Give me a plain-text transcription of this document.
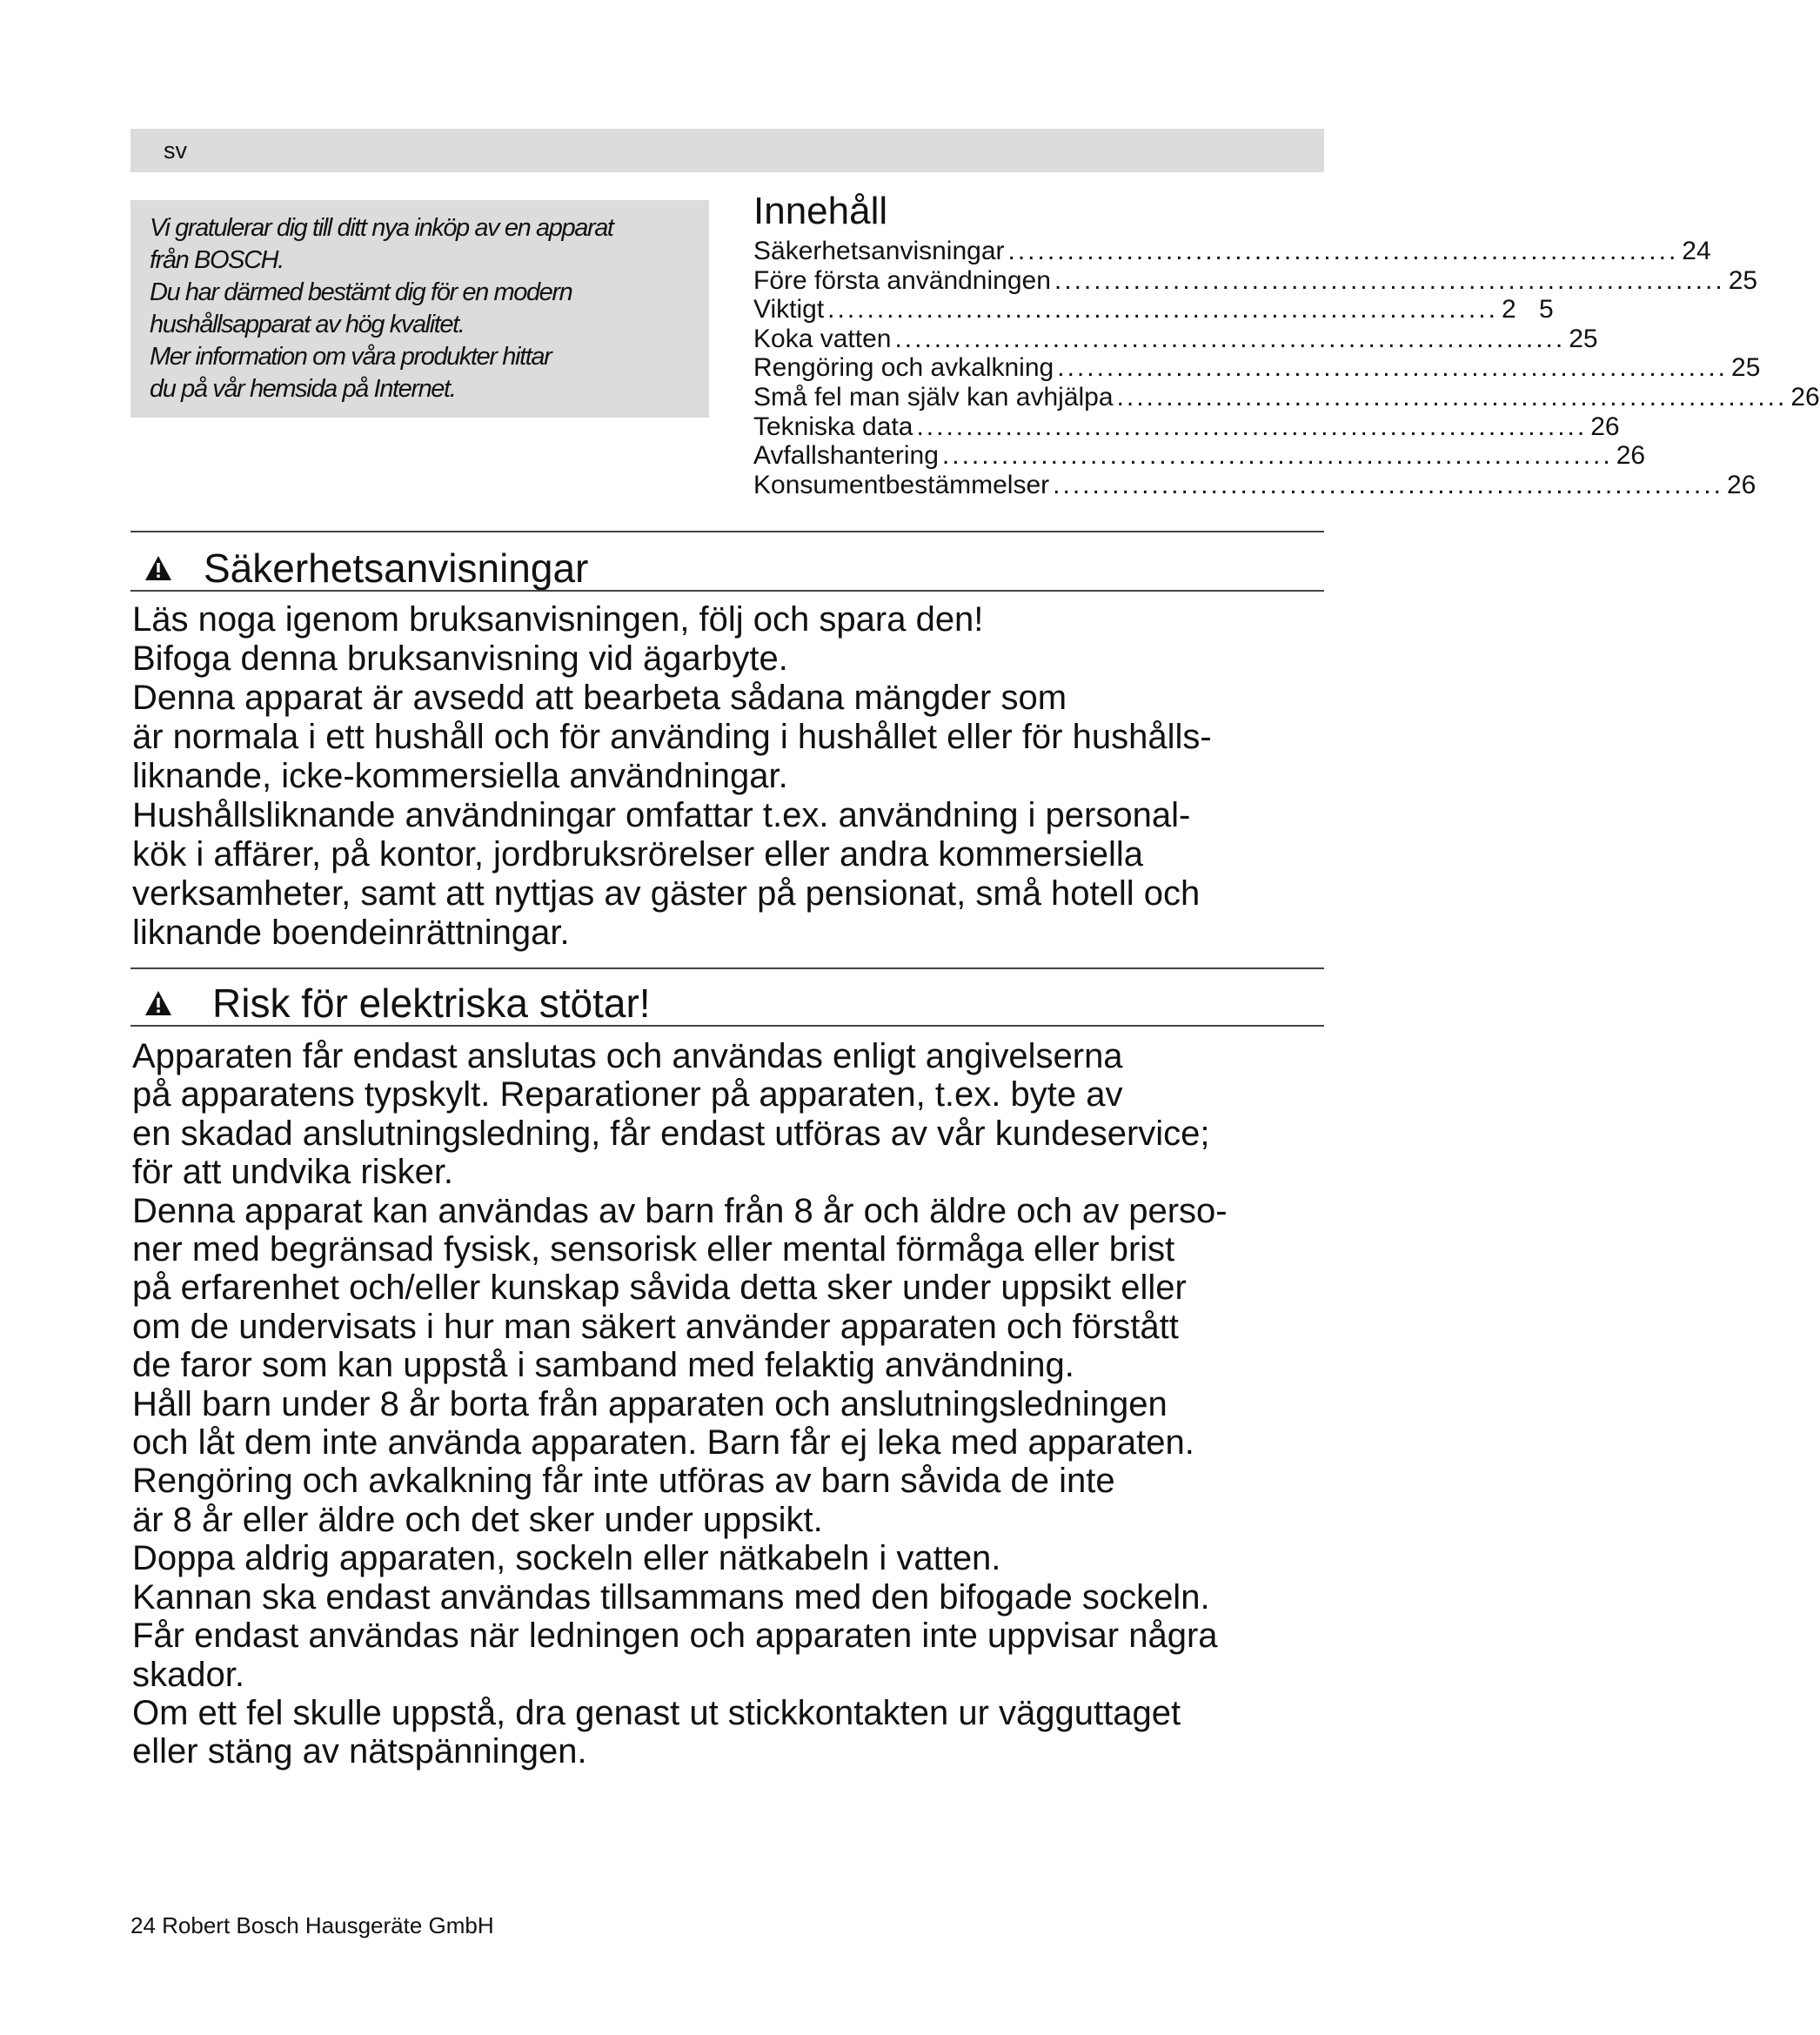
sv
Vi gratulerar dig till ditt nya inköp av en apparat
från BOSCH.
Du har därmed bestämt dig för en modern
hushållsapparat av hög kvalitet.
Mer information om våra produkter hittar
du på vår hemsida på Internet.
Innehåll
Säkerhetsanvisningar .................................................................... 24
Före första användningen .................................................................... 25
Viktigt .................................................................... 2 5
Koka vatten .................................................................... 25
Rengöring och avkalkning .................................................................... 25
Små fel man själv kan avhjälpa .................................................................... 26
Tekniska data .................................................................... 26
Avfallshantering .................................................................... 26
Konsumentbestämmelser .................................................................... 26
Säkerhetsanvisningar
Läs noga igenom bruksanvisningen, följ och spara den!
Bifoga denna bruksanvisning vid ägarbyte.
Denna apparat är avsedd att bearbeta sådana mängder som
är normala i ett hushåll och för använding i hushållet eller för hushålls-
liknande, icke-kommersiella användningar.
Hushållsliknande användningar omfattar t.ex. användning i personal-
kök i affärer, på kontor, jordbruksrörelser eller andra kommersiella
verksamheter, samt att nyttjas av gäster på pensionat, små hotell och
liknande boendeinrättningar.
Risk för elektriska stötar!
Apparaten får endast anslutas och användas enligt angivelserna
på apparatens typskylt. Reparationer på apparaten, t.ex. byte av
en skadad anslutningsledning, får endast utföras av vår kundeservice;
för att undvika risker.
Denna apparat kan användas av barn från 8 år och äldre och av perso-
ner med begränsad fysisk, sensorisk eller mental förmåga eller brist
på erfarenhet och/eller kunskap såvida detta sker under uppsikt eller
om de undervisats i hur man säkert använder apparaten och förstått
de faror som kan uppstå i samband med felaktig användning.
Håll barn under 8 år borta från apparaten och anslutningsledningen
och låt dem inte använda apparaten. Barn får ej leka med apparaten.
Rengöring och avkalkning får inte utföras av barn såvida de inte
är 8 år eller äldre och det sker under uppsikt.
Doppa aldrig apparaten, sockeln eller nätkabeln i vatten.
Kannan ska endast användas tillsammans med den bifogade sockeln.
Får endast användas när ledningen och apparaten inte uppvisar några
skador.
Om ett fel skulle uppstå, dra genast ut stickkontakten ur vägguttaget
eller stäng av nätspänningen.
24 Robert Bosch Hausgeräte GmbH
